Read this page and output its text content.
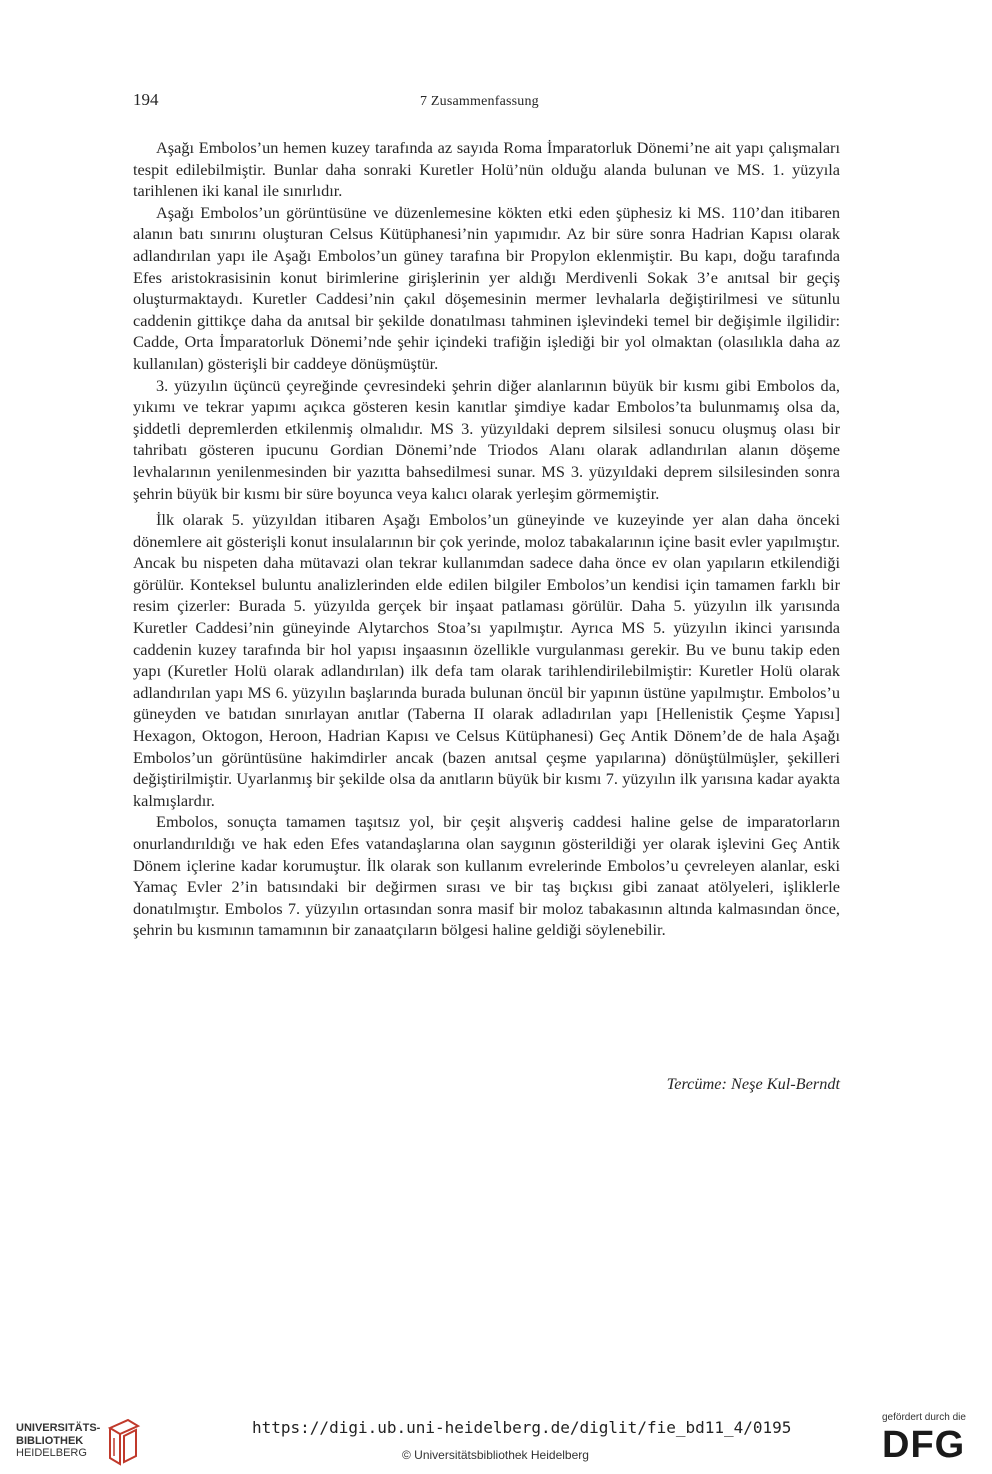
194	7 Zusammenfassung

Aşağı Embolos’un hemen kuzey tarafında az sayıda Roma İmparatorluk Dönemi’ne ait yapı çalışmaları tespit edilebilmiştir. Bunlar daha sonraki Kuretler Holü’nün olduğu alanda bulunan ve MS. 1. yüzyıla tarihlenen iki kanal ile sınırlıdır.

Aşağı Embolos’un görüntüsüne ve düzenlemesine kökten etki eden şüphesiz ki MS. 110’dan itibaren alanın batı sınırını oluşturan Celsus Kütüphanesi’nin yapımıdır. Az bir süre sonra Hadrian Kapısı olarak adlandırılan yapı ile Aşağı Embolos’un güney tarafına bir Propylon eklenmiştir. Bu kapı, doğu tarafında Efes aristokrasisinin konut birimlerine girişlerinin yer aldığı Merdivenli Sokak 3’e anıtsal bir geçiş oluşturmaktaydı. Kuretler Caddesi’nin çakıl döşemesinin mermer levhalarla değiştirilmesi ve sütunlu caddenin gittikçe daha da anıtsal bir şekilde donatılması tahminen işlevindeki temel bir değişimle ilgilidir: Cadde, Orta İmparatorluk Dönemi’nde şehir içindeki trafiğin işlediği bir yol olmaktan (olasılıkla daha az kullanılan) gösterişli bir caddeye dönüşmüştür.

3. yüzyılın üçüncü çeyreğinde çevresindeki şehrin diğer alanlarının büyük bir kısmı gibi Embolos da, yıkımı ve tekrar yapımı açıkca gösteren kesin kanıtlar şimdiye kadar Embolos’ta bulunmamış olsa da, şiddetli depremlerden etkilenmiş olmalıdır. MS 3. yüzyıldaki deprem silsilesi sonucu oluşmuş olası bir tahribatı gösteren ipucunu Gordian Dönemi’nde Triodos Alanı olarak adlandırılan alanın döşeme levhalarının yenilenmesinden bir yazıtta bahsedilmesi sunar. MS 3. yüzyıldaki deprem silsilesinden sonra şehrin büyük bir kısmı bir süre boyunca veya kalıcı olarak yerleşim görmemiştir.

İlk olarak 5. yüzyıldan itibaren Aşağı Embolos’un güneyinde ve kuzeyinde yer alan daha önceki dönemlere ait gösterişli konut insulalarının bir çok yerinde, moloz tabakalarının içine basit evler yapılmıştır. Ancak bu nispeten daha mütavazi olan tekrar kullanımdan sadece daha önce ev olan yapıların etkilendiği görülür. Konteksel buluntu analizlerinden elde edilen bilgiler Embolos’un kendisi için tamamen farklı bir resim çizerler: Burada 5. yüzyılda gerçek bir inşaat patlaması görülür. Daha 5. yüzyılın ilk yarısında Kuretler Caddesi’nin güneyinde Alytarchos Stoa’sı yapılmıştır. Ayrıca MS 5. yüzyılın ikinci yarısında caddenin kuzey tarafında bir hol yapısı inşaasının özellikle vurgulanması gerekir. Bu ve bunu takip eden yapı (Kuretler Holü olarak adlandırılan) ilk defa tam olarak tarihlendirilebilmiştir: Kuretler Holü olarak adlandırılan yapı MS 6. yüzyılın başlarında burada bulunan öncül bir yapının üstüne yapılmıştır. Embolos’u güneyden ve batıdan sınırlayan anıtlar (Taberna II olarak adladırılan yapı [Hellenistik Çeşme Yapısı] Hexagon, Oktogon, Heroon, Hadrian Kapısı ve Celsus Kütüphanesi) Geç Antik Dönem’de de hala Aşağı Embolos’un görüntüsüne hakimdirler ancak (bazen anıtsal çeşme yapılarına) dönüştülmüşler, şekilleri değiştirilmiştir. Uyarlanmış bir şekilde olsa da anıtların büyük bir kısmı 7. yüzyılın ilk yarısına kadar ayakta kalmışlardır.

Embolos, sonuçta tamamen taşıtsız yol, bir çeşit alışveriş caddesi haline gelse de imparatorların onurlandırıldığı ve hak eden Efes vatandaşlarına olan saygının gösterildiği yer olarak işlevini Geç Antik Dönem içlerine kadar korumuştur. İlk olarak son kullanım evrelerinde Embolos’u çevreleyen alanlar, eski Yamaç Evler 2’in batısındaki bir değirmen sırası ve bir taş bıçkısı gibi zanaat atölyeleri, işliklerle donatılmıştır. Embolos 7. yüzyılın ortasından sonra masif bir moloz tabakasının altında kalmasından önce, şehrin bu kısmının tamamının bir zanaatçıların bölgesi haline geldiği söylenebilir.

Tercüme: Neşe Kul-Berndt
UNIVERSITÄTS-
BIBLIOTHEK
HEIDELBERG
https://digi.ub.uni-heidelberg.de/diglit/fie_bd11_4/0195
© Universitätsbibliothek Heidelberg
gefördert durch die
DFG
